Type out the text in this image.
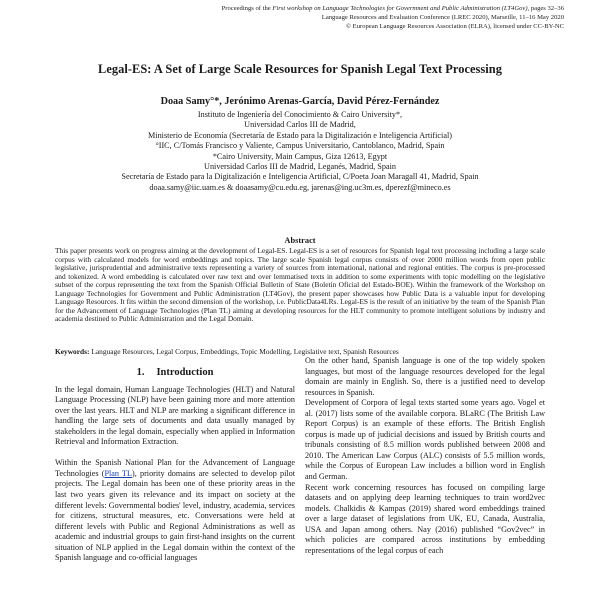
Proceedings of the First workshop on Language Technologies for Government and Public Administration (LT4Gov), pages 32–36
Language Resources and Evaluation Conference (LREC 2020), Marseille, 11–16 May 2020
© European Language Resources Association (ELRA), licensed under CC-BY-NC
Legal-ES: A Set of Large Scale Resources for Spanish Legal Text Processing
Doaa Samy°*, Jerónimo Arenas-García, David Pérez-Fernández
Instituto de Ingeniería del Conocimiento & Cairo University*,
Universidad Carlos III de Madrid,
Ministerio de Economía (Secretaría de Estado para la Digitalización e Inteligencia Artificial)
°IIC, C/Tomás Francisco y Valiente, Campus Universitario, Cantoblanco, Madrid, Spain
*Cairo University, Main Campus, Giza 12613, Egypt
Universidad Carlos III de Madrid, Leganés, Madrid, Spain
Secretaría de Estado para la Digitalización e Inteligencia Artificial, C/Poeta Joan Maragall 41, Madrid, Spain
doaa.samy@iic.uam.es & doaasamy@cu.edu.eg, jarenas@ing.uc3m.es, dperezf@mineco.es
Abstract
This paper presents work on progress aiming at the development of Legal-ES. Legal-ES is a set of resources for Spanish legal text processing including a large scale corpus with calculated models for word embeddings and topics. The large scale Spanish legal corpus consists of over 2000 million words from open public legislative, jurisprudential and administrative texts representing a variety of sources from international, national and regional entities. The corpus is pre-processed and tokenized. A word embedding is calculated over raw text and over lemmatised texts in addition to some experiments with topic modelling on the legislative subset of the corpus representing the text from the Spanish Official Bulletin of State (Boletin Oficial del Estado-BOE). Within the framework of the Workshop on Language Technologies for Government and Public Administration (LT4Gov), the present paper showcases how Public Data is a valuable input for developing Language Resources. It fits within the second dimension of the workshop, i.e. PublicData4LRs. Legal-ES is the result of an initiative by the team of the Spanish Plan for the Advancement of Language Technologies (Plan TL) aiming at developing resources for the HLT community to promote intelligent solutions by industry and academia destined to Public Administration and the Legal Domain.
Keywords: Language Resources, Legal Corpus, Embeddings, Topic Modelling, Legislative text, Spanish Resources
1. Introduction

In the legal domain, Human Language Technologies (HLT) and Natural Language Processing (NLP) have been gaining more and more attention over the last years. HLT and NLP are marking a significant difference in handling the large sets of documents and data usually managed by stakeholders in the legal domain, especially when applied in Information Retrieval and Information Extraction.

Within the Spanish National Plan for the Advancement of Language Technologies (Plan TL), priority domains are selected to develop pilot projects. The Legal domain has been one of these priority areas in the last two years given its relevance and its impact on society at the different levels: Governmental bodies' level, industry, academia, services for citizens, structural measures, etc. Conversations were held at different levels with Public and Regional Administrations as well as academic and industrial groups to gain first-hand insights on the current situation of NLP applied in the Legal domain within the context of the Spanish language and co-official languages

On the other hand, Spanish language is one of the top widely spoken languages, but most of the language resources developed for the legal domain are mainly in English. So, there is a justified need to develop resources in Spanish.

Development of Corpora of legal texts started some years ago. Vogel et al. (2017) lists some of the available corpora. BLaRC (The British Law Report Corpus) is an example of these efforts. The British English corpus is made up of judicial decisions and issued by British courts and tribunals consisting of 8.5 million words published between 2008 and 2010. The American Law Corpus (ALC) consists of 5.5 million words, while the Corpus of European Law includes a billion word in English and German.

Recent work concerning resources has focused on compiling large datasets and on applying deep learning techniques to train word2vec models. Chalkidis & Kampas (2019) shared word embeddings trained over a large dataset of legislations from UK, EU, Canada, Australia, USA and Japan among others. Nay (2016) published “Gov2vec” in which policies are compared across institutions by embedding representations of the legal corpus of each
